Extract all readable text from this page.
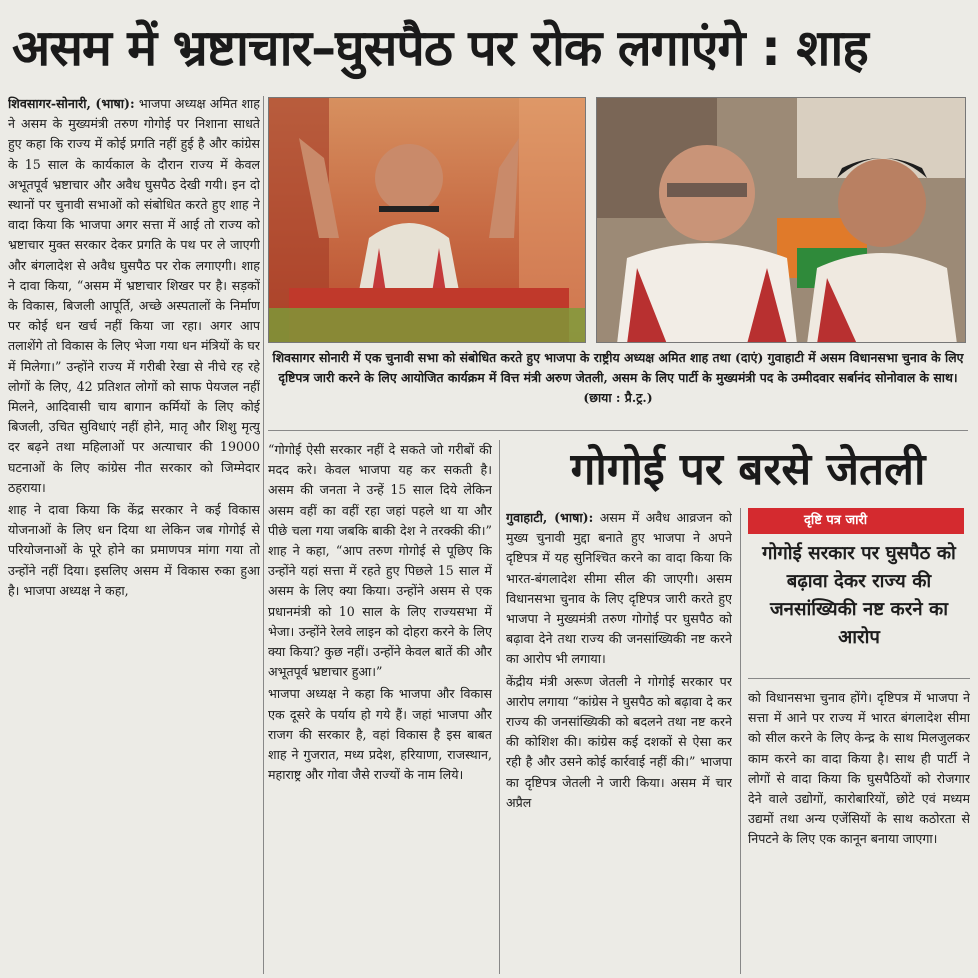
असम में भ्रष्टाचार–घुसपैठ पर रोक लगाएंगे : शाह

शिवसागर-सोनारी, (भाषा): भाजपा अध्यक्ष अमित शाह ने असम के मुख्यमंत्री तरुण गोगोई पर निशाना साधते हुए कहा कि राज्य में कोई प्रगति नहीं हुई है और कांग्रेस के 15 साल के कार्यकाल के दौरान राज्य में केवल अभूतपूर्व भ्रष्टाचार और अवैध घुसपैठ देखी गयी। इन दो स्थानों पर चुनावी सभाओं को संबोधित करते हुए शाह ने वादा किया कि भाजपा अगर सत्ता में आई तो राज्य को भ्रष्टाचार मुक्त सरकार देकर प्रगति के पथ पर ले जाएगी और बंगलादेश से अवैध घुसपैठ पर रोक लगाएगी। शाह ने दावा किया, “असम में भ्रष्टाचार शिखर पर है। सड़कों के विकास, बिजली आपूर्ति, अच्छे अस्पतालों के निर्माण पर कोई धन खर्च नहीं किया जा रहा। अगर आप तलाशेंगे तो विकास के लिए भेजा गया धन मंत्रियों के घर में मिलेगा।” उन्होंने राज्य में गरीबी रेखा से नीचे रह रहे लोगों के लिए, 42 प्रतिशत लोगों को साफ पेयजल नहीं मिलने, आदिवासी चाय बागान कर्मियों के लिए कोई बिजली, उचित सुविधाएं नहीं होने, मातृ और शिशु मृत्यु दर बढ़ने तथा महिलाओं पर अत्याचार की 19000 घटनाओं के लिए कांग्रेस नीत सरकार को जिम्मेदार ठहराया।

शाह ने दावा किया कि केंद्र सरकार ने कई विकास योजनाओं के लिए धन दिया था लेकिन जब गोगोई से परियोजनाओं के पूरे होने का प्रमाणपत्र मांगा गया तो उन्होंने नहीं दिया। इसलिए असम में विकास रुका हुआ है। भाजपा अध्यक्ष ने कहा,

शिवसागर सोनारी में एक चुनावी सभा को संबोधित करते हुए भाजपा के राष्ट्रीय अध्यक्ष अमित शाह तथा (दाएं) गुवाहाटी में असम विधानसभा चुनाव के लिए दृष्टिपत्र जारी करने के लिए आयोजित कार्यक्रम में वित्त मंत्री अरुण जेतली, असम के लिए पार्टी के मुख्यमंत्री पद के उम्मीदवार सर्बानंद सोनोवाल के साथ। (छाया : प्रै.ट्र.)

“गोगोई ऐसी सरकार नहीं दे सकते जो गरीबों की मदद करे। केवल भाजपा यह कर सकती है। असम की जनता ने उन्हें 15 साल दिये लेकिन असम वहीं का वहीं रहा जहां पहले था या और पीछे चला गया जबकि बाकी देश ने तरक्की की।” शाह ने कहा, “आप तरुण गोगोई से पूछिए कि उन्होंने यहां सत्ता में रहते हुए पिछले 15 साल में असम के लिए क्या किया। उन्होंने असम से एक प्रधानमंत्री को 10 साल के लिए राज्यसभा में भेजा। उन्होंने रेलवे लाइन को दोहरा करने के लिए क्या किया? कुछ नहीं। उन्होंने केवल बातें की और अभूतपूर्व भ्रष्टाचार हुआ।”

भाजपा अध्यक्ष ने कहा कि भाजपा और विकास एक दूसरे के पर्याय हो गये हैं। जहां भाजपा और राजग की सरकार है, वहां विकास है इस बाबत शाह ने गुजरात, मध्य प्रदेश, हरियाणा, राजस्थान, महाराष्ट्र और गोवा जैसे राज्यों के नाम लिये।

गोगोई पर बरसे जेतली

गुवाहाटी, (भाषा): असम में अवैध आव्रजन को मुख्य चुनावी मुद्दा बनाते हुए भाजपा ने अपने दृष्टिपत्र में यह सुनिश्चित करने का वादा किया कि भारत-बंगलादेश सीमा सील की जाएगी। असम विधानसभा चुनाव के लिए दृष्टिपत्र जारी करते हुए भाजपा ने मुख्यमंत्री तरुण गोगोई पर घुसपैठ को बढ़ावा देने तथा राज्य की जनसांख्यिकी नष्ट करने का आरोप भी लगाया।

केंद्रीय मंत्री अरूण जेतली ने गोगोई सरकार पर आरोप लगाया “कांग्रेस ने घुसपैठ को बढ़ावा दे कर राज्य की जनसांख्यिकी को बदलने तथा नष्ट करने की कोशिश की। कांग्रेस कई दशकों से ऐसा कर रही है और उसने कोई कार्रवाई नहीं की।” भाजपा का दृष्टिपत्र जेतली ने जारी किया। असम में चार अप्रैल

दृष्टि पत्र जारी
गोगोई सरकार पर घुसपैठ को बढ़ावा देकर राज्य की जनसांख्यिकी नष्ट करने का आरोप

को विधानसभा चुनाव होंगे। दृष्टिपत्र में भाजपा ने सत्ता में आने पर राज्य में भारत बंगलादेश सीमा को सील करने के लिए केन्द्र के साथ मिलजुलकर काम करने का वादा किया है। साथ ही पार्टी ने लोगों से वादा किया कि घुसपैठियों को रोजगार देने वाले उद्योगों, कारोबारियों, छोटे एवं मध्यम उद्यमों तथा अन्य एजेंसियों के साथ कठोरता से निपटने के लिए एक कानून बनाया जाएगा।
